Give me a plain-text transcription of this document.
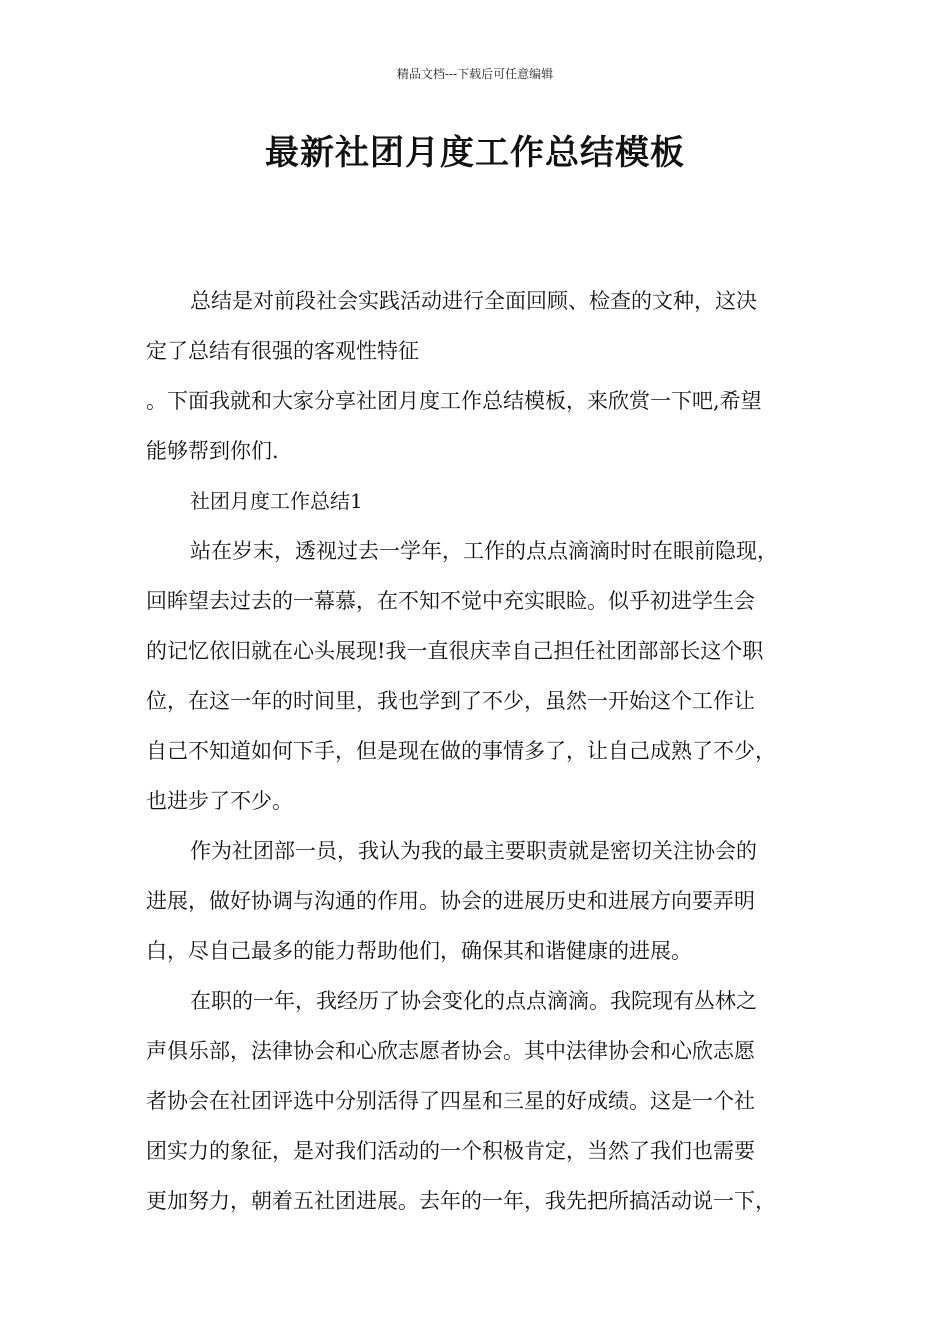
精品文档---下载后可任意编辑
最新社团月度工作总结模板

总结是对前段社会实践活动进行全面回顾、检查的文种，这决

定了总结有很强的客观性特征
。下面我就和大家分享社团月度工作总结模板，来欣赏一下吧,希望
能够帮到你们.

社团月度工作总结1

站在岁末，透视过去一学年，工作的点点滴滴时时在眼前隐现，
回眸望去过去的一幕慕，在不知不觉中充实眼睑。似乎初进学生会
的记忆依旧就在心头展现!我一直很庆幸自己担任社团部部长这个职
位，在这一年的时间里，我也学到了不少，虽然一开始这个工作让
自己不知道如何下手，但是现在做的事情多了，让自己成熟了不少，
也进步了不少。

作为社团部一员，我认为我的最主要职责就是密切关注协会的
进展，做好协调与沟通的作用。协会的进展历史和进展方向要弄明
白，尽自己最多的能力帮助他们，确保其和谐健康的进展。

在职的一年，我经历了协会变化的点点滴滴。我院现有丛林之
声俱乐部，法律协会和心欣志愿者协会。其中法律协会和心欣志愿
者协会在社团评选中分别活得了四星和三星的好成绩。这是一个社
团实力的象征，是对我们活动的一个积极肯定，当然了我们也需要
更加努力，朝着五社团进展。去年的一年，我先把所搞活动说一下，
